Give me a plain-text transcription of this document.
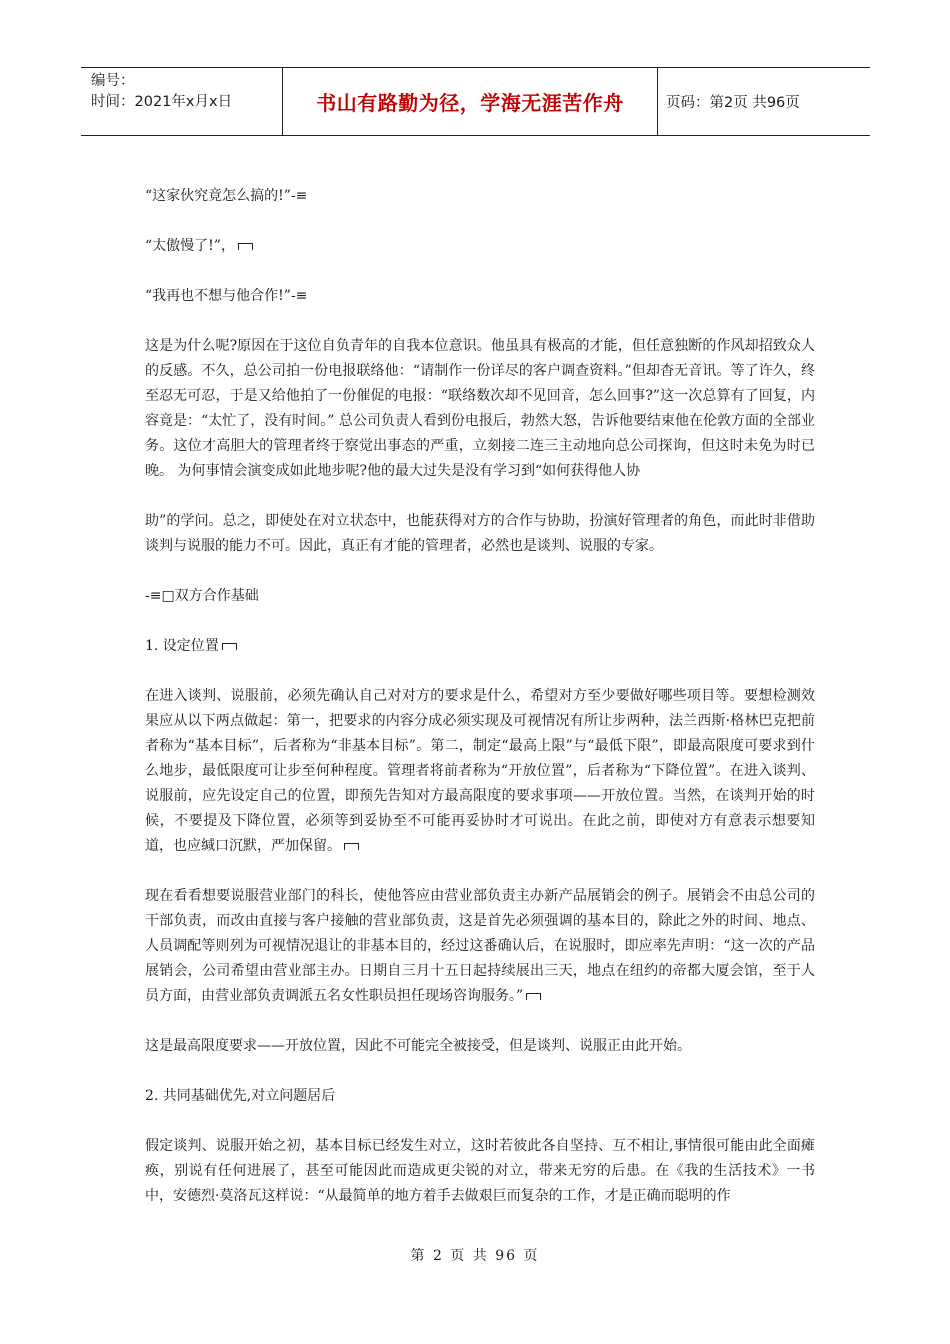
编号：
时间：2021年x月x日	书山有路勤为径，学海无涯苦作舟	页码：第2页 共96页

“这家伙究竟怎么搞的!”-≡

“太傲慢了!”，

“我再也不想与他合作!”-≡

这是为什么呢?原因在于这位自负青年的自我本位意识。他虽具有极高的才能，但任意独断的作风却招致众人的反感。不久，总公司拍一份电报联络他：“请制作一份详尽的客户调查资料。”但却杳无音讯。等了许久，终至忍无可忍，于是又给他拍了一份催促的电报：“联络数次却不见回音，怎么回事?”这一次总算有了回复，内容竟是：“太忙了，没有时间。” 总公司负责人看到份电报后，勃然大怒，告诉他要结束他在伦敦方面的全部业务。这位才高胆大的管理者终于察觉出事态的严重，立刻接二连三主动地向总公司探询，但这时未免为时已晚。 为何事情会演变成如此地步呢?他的最大过失是没有学习到“如何获得他人协

助”的学问。总之，即使处在对立状态中，也能获得对方的合作与协助，扮演好管理者的角色，而此时非借助谈判与说服的能力不可。因此，真正有才能的管理者，必然也是谈判、说服的专家。

-≡□双方合作基础

1. 设定位置

在进入谈判、说服前，必须先确认自己对对方的要求是什么，希望对方至少要做好哪些项目等。要想检测效果应从以下两点做起：第一，把要求的内容分成必须实现及可视情况有所让步两种，法兰西斯·格林巴克把前者称为“基本目标”，后者称为“非基本目标”。第二，制定“最高上限”与“最低下限”，即最高限度可要求到什么地步，最低限度可让步至何种程度。管理者将前者称为“开放位置”，后者称为“下降位置”。在进入谈判、说服前，应先设定自己的位置，即预先告知对方最高限度的要求事项——开放位置。当然，在谈判开始的时候，不要提及下降位置，必须等到妥协至不可能再妥协时才可说出。在此之前，即使对方有意表示想要知道，也应缄口沉默，严加保留。

现在看看想要说服营业部门的科长，使他答应由营业部负责主办新产品展销会的例子。展销会不由总公司的干部负责，而改由直接与客户接触的营业部负责，这是首先必须强调的基本目的，除此之外的时间、地点、人员调配等则列为可视情况退让的非基本目的，经过这番确认后，在说服时，即应率先声明：“这一次的产品展销会，公司希望由营业部主办。日期自三月十五日起持续展出三天，地点在纽约的帝都大厦会馆，至于人员方面，由营业部负责调派五名女性职员担任现场咨询服务。”

这是最高限度要求——开放位置，因此不可能完全被接受，但是谈判、说服正由此开始。

2. 共同基础优先,对立问题居后

假定谈判、说服开始之初，基本目标已经发生对立，这时若彼此各自坚持、互不相让,事情很可能由此全面瘫痪，别说有任何进展了，甚至可能因此而造成更尖锐的对立，带来无穷的后患。在《我的生活技术》一书中，安德烈·莫洛瓦这样说：“从最简单的地方着手去做艰巨而复杂的工作，才是正确而聪明的作

第 2 页 共 96 页
